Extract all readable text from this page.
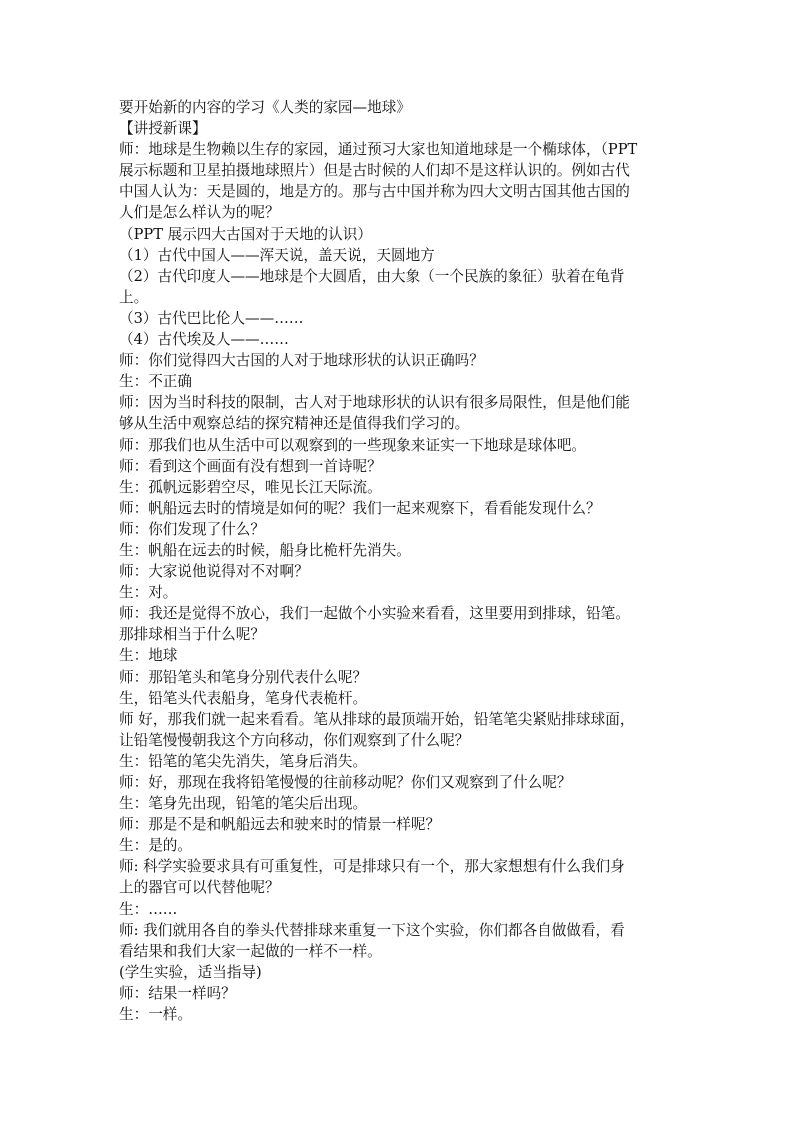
要开始新的内容的学习《人类的家园—地球》
【讲授新课】
师：地球是生物赖以生存的家园，通过预习大家也知道地球是一个椭球体，（PPT
展示标题和卫星拍摄地球照片）但是古时候的人们却不是这样认识的。例如古代
中国人认为：天是圆的，地是方的。那与古中国并称为四大文明古国其他古国的
人们是怎么样认为的呢？
（PPT 展示四大古国对于天地的认识）
（1）古代中国人——浑天说，盖天说，天圆地方
（2）古代印度人——地球是个大圆盾，由大象（一个民族的象征）驮着在龟背
上。
（3）古代巴比伦人——……
（4）古代埃及人——……
师：你们觉得四大古国的人对于地球形状的认识正确吗？
生：不正确
师：因为当时科技的限制，古人对于地球形状的认识有很多局限性，但是他们能
够从生活中观察总结的探究精神还是值得我们学习的。
师：那我们也从生活中可以观察到的一些现象来证实一下地球是球体吧。
师：看到这个画面有没有想到一首诗呢？
生：孤帆远影碧空尽，唯见长江天际流。
师：帆船远去时的情境是如何的呢？我们一起来观察下，看看能发现什么？
师：你们发现了什么？
生：帆船在远去的时候，船身比桅杆先消失。
师：大家说他说得对不对啊？
生：对。
师：我还是觉得不放心，我们一起做个小实验来看看，这里要用到排球，铅笔。
那排球相当于什么呢？
生：地球
师：那铅笔头和笔身分别代表什么呢？
生，铅笔头代表船身，笔身代表桅杆。
师 好，那我们就一起来看看。笔从排球的最顶端开始，铅笔笔尖紧贴排球球面，
让铅笔慢慢朝我这个方向移动，你们观察到了什么呢？
生：铅笔的笔尖先消失，笔身后消失。
师：好，那现在我将铅笔慢慢的往前移动呢？你们又观察到了什么呢？
生：笔身先出现，铅笔的笔尖后出现。
师：那是不是和帆船远去和驶来时的情景一样呢？
生：是的。
师: 科学实验要求具有可重复性，可是排球只有一个，那大家想想有什么我们身
上的器官可以代替他呢？
生：……
师: 我们就用各自的拳头代替排球来重复一下这个实验，你们都各自做做看，看
看结果和我们大家一起做的一样不一样。
(学生实验，适当指导)
师：结果一样吗？
生：一样。
